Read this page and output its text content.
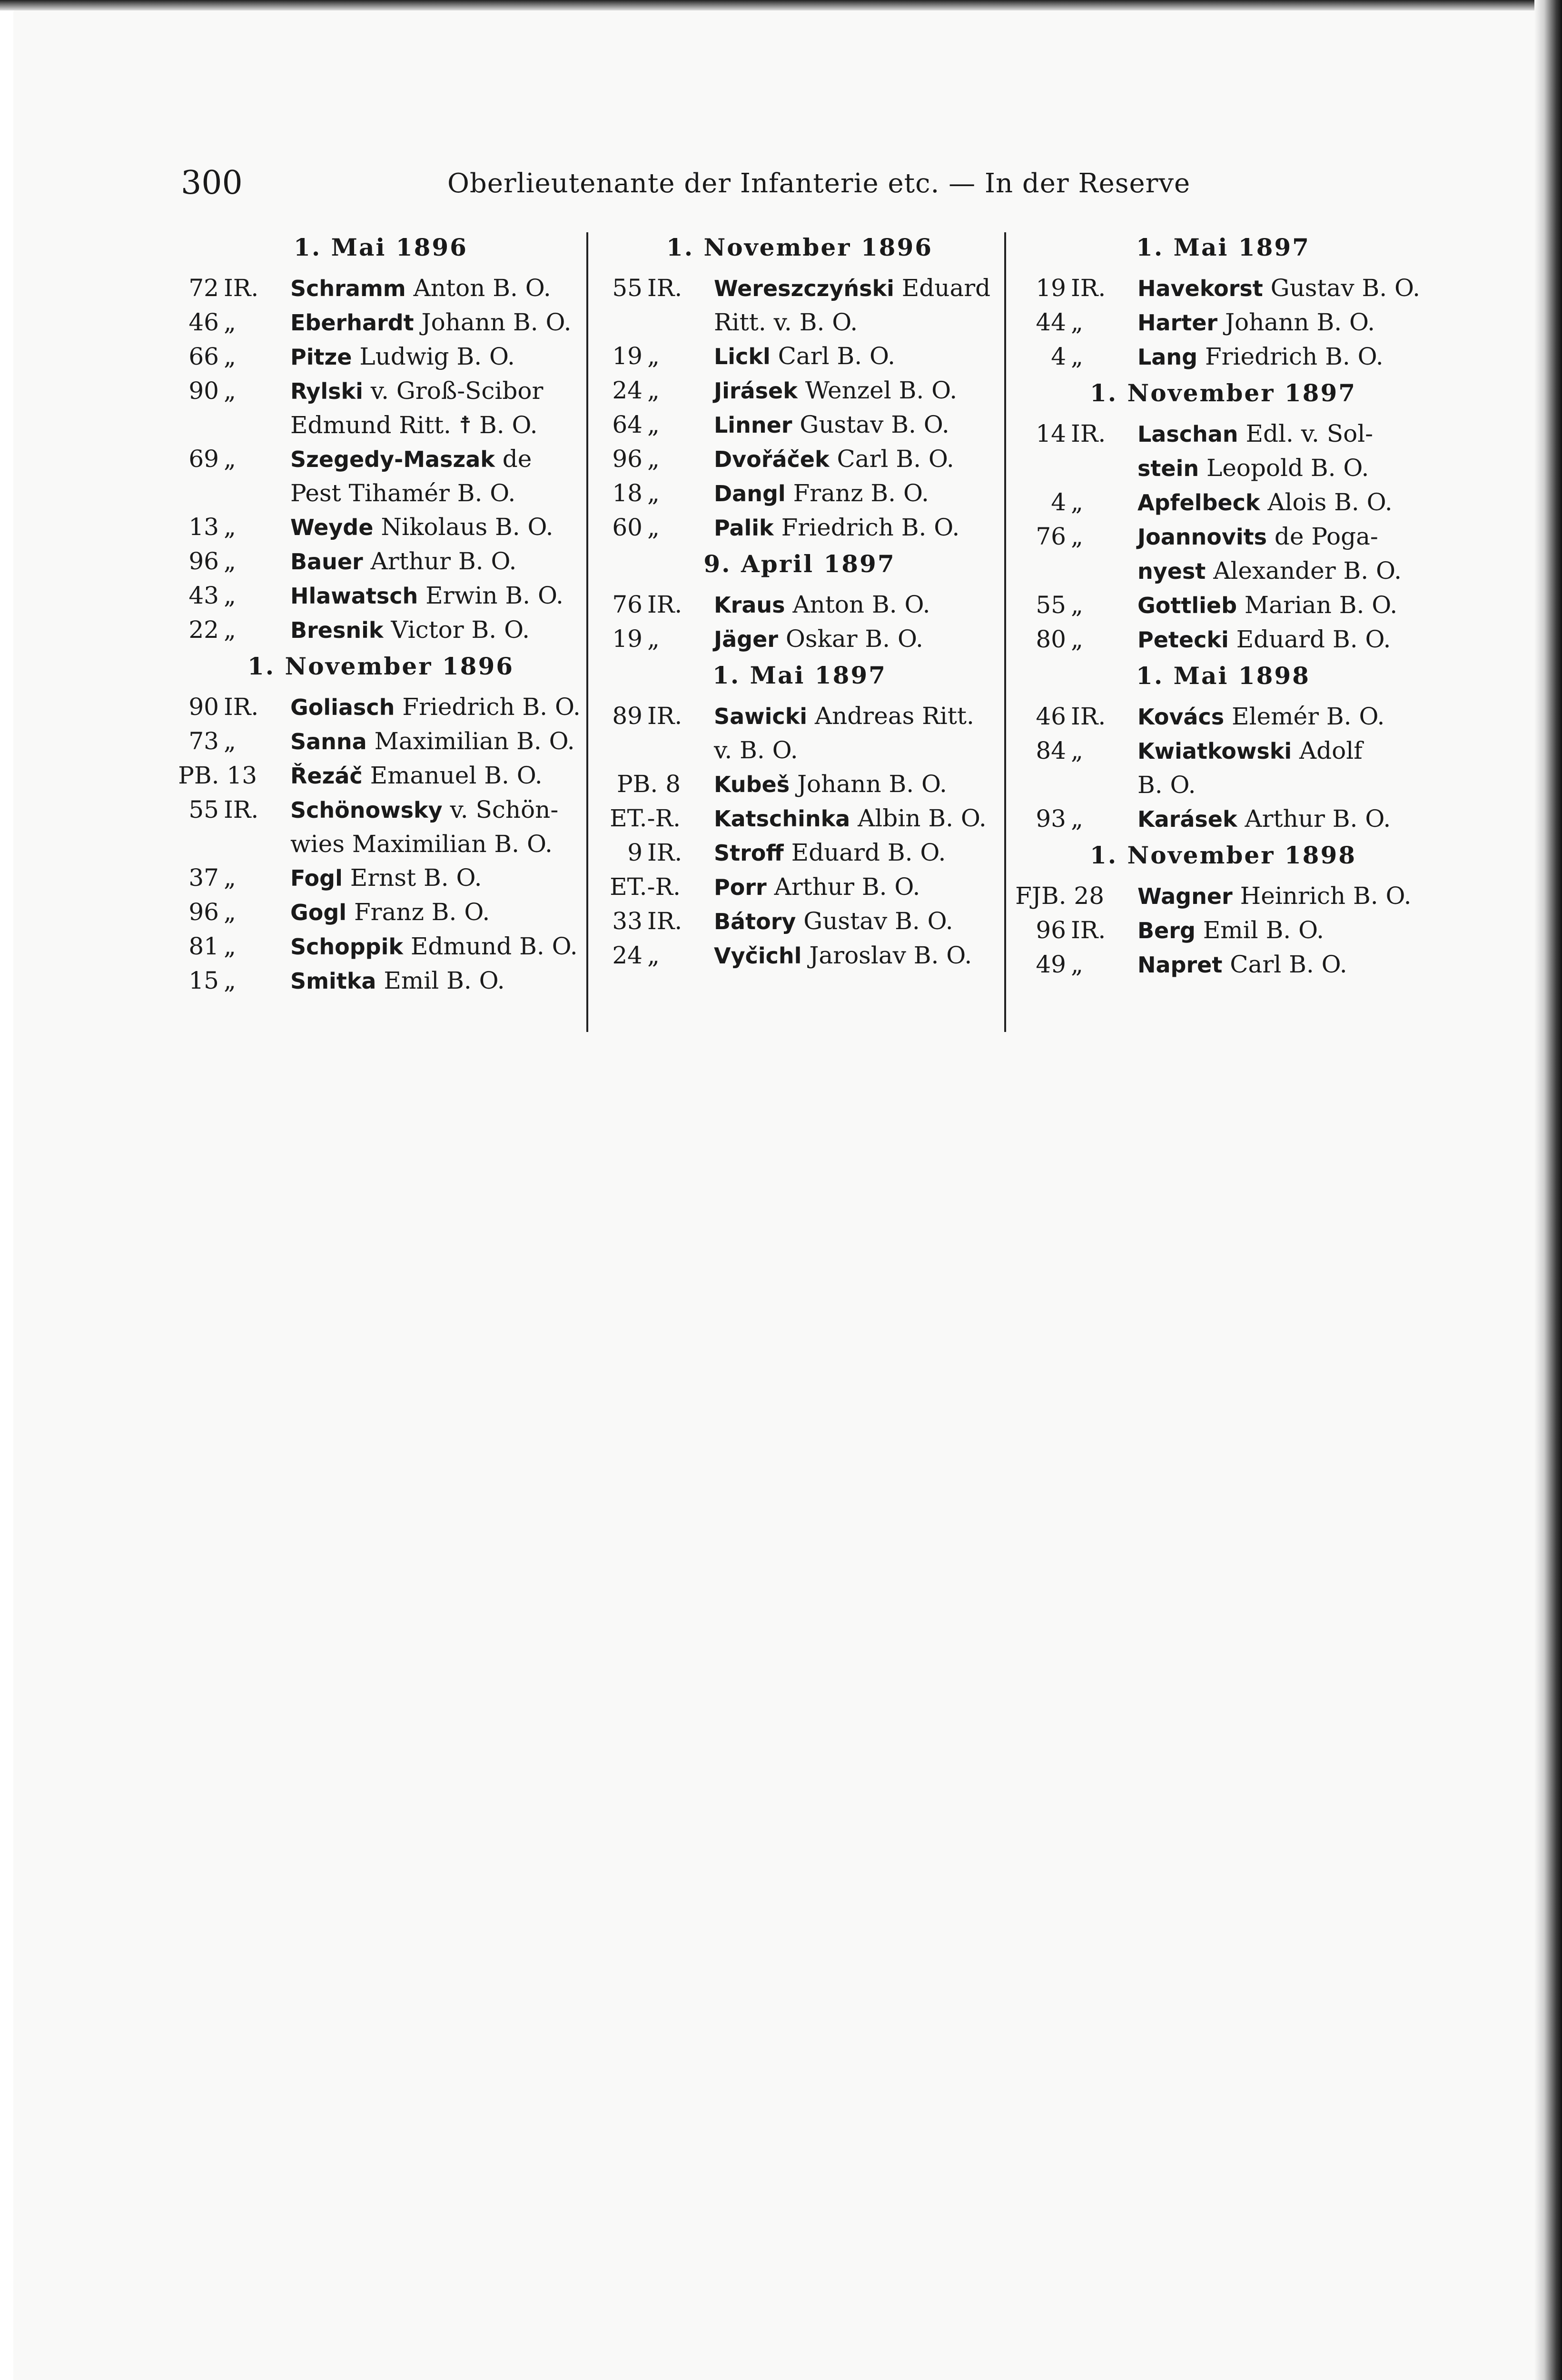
300	Oberlieutenante der Infanterie etc. — In der Reserve
1. Mai 1896
72 IR.	Schramm Anton B. O.
46 „	Eberhardt Johann B. O.
66 „	Pitze Ludwig B. O.
90 „	Rylski v. Groß-Scibor
Edmund Ritt. ☨ B. O.
69 „	Szegedy-Maszak de
Pest Tihamér B. O.
13 „	Weyde Nikolaus B. O.
96 „	Bauer Arthur B. O.
43 „	Hlawatsch Erwin B. O.
22 „	Bresnik Victor B. O.
1. November 1896
90 IR.	Goliasch Friedrich B. O.
73 „	Sanna Maximilian B. O.
PB. 13 Řezáč Emanuel B. O.
55 IR.	Schönowsky v. Schön-
wies Maximilian B. O.
37 „	Fogl Ernst B. O.
96 „	Gogl Franz B. O.
81 „	Schoppik Edmund B. O.
15 „	Smitka Emil B. O.
1. November 1896
55 IR.	Wereszczyński Eduard
Ritt. v. B. O.
19 „	Lickl Carl B. O.
24 „	Jirásek Wenzel B. O.
64 „	Linner Gustav B. O.
96 „	Dvořáček Carl B. O.
18 „	Dangl Franz B. O.
60 „	Palik Friedrich B. O.
9. April 1897
76 IR.	Kraus Anton B. O.
19 „	Jäger Oskar B. O.
1. Mai 1897
89 IR.	Sawicki Andreas Ritt.
v. B. O.
PB. 8 Kubeš Johann B. O.
ET.-R. Katschinka Albin B. O.
9 IR.	Stroff Eduard B. O.
ET.-R. Porr Arthur B. O.
33 IR.	Bátory Gustav B. O.
24 „	Vyčichl Jaroslav B. O.
1. Mai 1897
19 IR.	Havekorst Gustav B. O.
44 „	Harter Johann B. O.
4 „	Lang Friedrich B. O.
1. November 1897
14 IR.	Laschan Edl. v. Sol-
stein Leopold B. O.
4 „	Apfelbeck Alois B. O.
76 „	Joannovits de Poga-
nyest Alexander B. O.
55 „	Gottlieb Marian B. O.
80 „	Petecki Eduard B. O.
1. Mai 1898
46 IR.	Kovács Elemér B. O.
84 „	Kwiatkowski Adolf
B. O.
93 „	Karásek Arthur B. O.
1. November 1898
FJB. 28 Wagner Heinrich B. O.
96 IR.	Berg Emil B. O.
49 „	Napret Carl B. O.
